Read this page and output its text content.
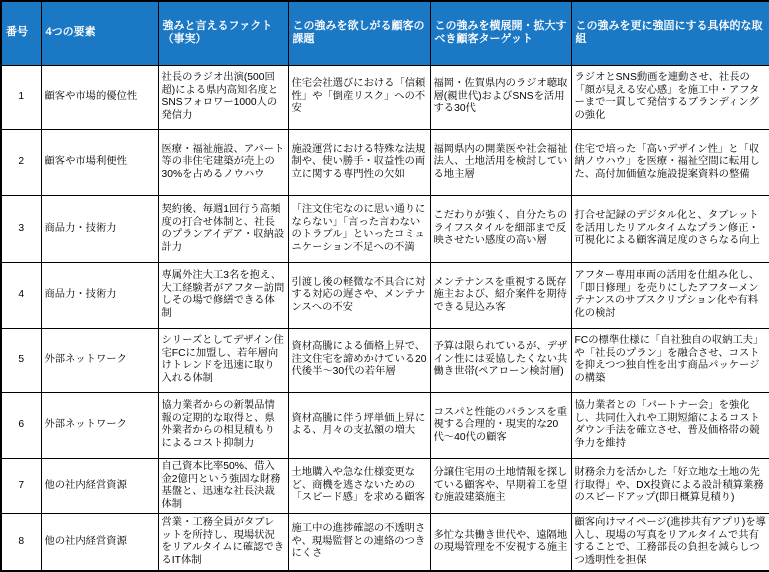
番号	4つの要素	強みと言えるファクト（事実）	この強みを欲しがる顧客の課題	この強みを横展開・拡大すべき顧客ターゲット	この強みを更に強固にする具体的な取組
1	顧客や市場的優位性	社長のラジオ出演(500回超)による県内高知名度とSNSフォロワー1000人の発信力	住宅会社選びにおける「信頼性」や「倒産リスク」への不安	福岡・佐賀県内のラジオ聴取層(親世代)およびSNSを活用する30代	ラジオとSNS動画を連動させ、社長の「顔が見える安心感」を施工中・アフターまで一貫して発信するブランディングの強化
2	顧客や市場利便性	医療・福祉施設、アパート等の非住宅建築が売上の30%を占めるノウハウ	施設運営における特殊な法規制や、使い勝手・収益性の両立に関する専門性の欠如	福岡県内の開業医や社会福祉法人、土地活用を検討している地主層	住宅で培った「高いデザイン性」と「収納ノウハウ」を医療・福祉空間に転用した、高付加価値な施設提案資料の整備
3	商品力・技術力	契約後、毎週1回行う高頻度の打合せ体制と、社長のプランアイデア・収納設計力	「注文住宅なのに思い通りにならない」「言った言わないのトラブル」といったコミュニケーション不足への不満	こだわりが強く、自分たちのライフスタイルを細部まで反映させたい感度の高い層	打合せ記録のデジタル化と、タブレットを活用したリアルタイムなプラン修正・可視化による顧客満足度のさらなる向上
4	商品力・技術力	専属外注大工3名を抱え、大工経験者がアフター訪問しその場で修繕できる体制	引渡し後の軽微な不具合に対する対応の遅さや、メンテナンスへの不安	メンテナンスを重視する既存施主および、紹介案件を期待できる見込み客	アフター専用車両の活用を仕組み化し、「即日修理」を売りにしたアフターメンテナンスのサブスクリプション化や有料化の検討
5	外部ネットワーク	シリーズとしてデザイン住宅FCに加盟し、若年層向けトレンドを迅速に取り入れる体制	資材高騰による価格上昇で、注文住宅を諦めかけている20代後半～30代の若年層	予算は限られているが、デザイン性には妥協したくない共働き世帯(ペアローン検討層)	FCの標準仕様に「自社独自の収納工夫」や「社長のプラン」を融合させ、コストを抑えつつ独自性を出す商品パッケージの構築
6	外部ネットワーク	協力業者からの新製品情報の定期的な取得と、県外業者からの相見積もりによるコスト抑制力	資材高騰に伴う坪単価上昇による、月々の支払額の増大	コスパと性能のバランスを重視する合理的・現実的な20代～40代の顧客	協力業者との「パートナー会」を強化し、共同仕入れや工期短縮によるコストダウン手法を確立させ、普及価格帯の競争力を維持
7	他の社内経営資源	自己資本比率50%、借入金2億円という強固な財務基盤と、迅速な社長決裁体制	土地購入や急な仕様変更など、商機を逃さないための「スピード感」を求める顧客	分譲住宅用の土地情報を探している顧客や、早期着工を望む施設建築施主	財務余力を活かした「好立地な土地の先行取得」や、DX投資による設計積算業務のスピードアップ(即日概算見積り)
8	他の社内経営資源	営業・工務全員がタブレットを所持し、現場状況をリアルタイムに確認できるIT体制	施工中の進捗確認の不透明さや、現場監督との連絡のつきにくさ	多忙な共働き世代や、遠隔地の現場管理を不安視する施主	顧客向けマイページ(進捗共有アプリ)を導入し、現場の写真をリアルタイムで共有することで、工務部長の負担を減らしつつ透明性を担保
